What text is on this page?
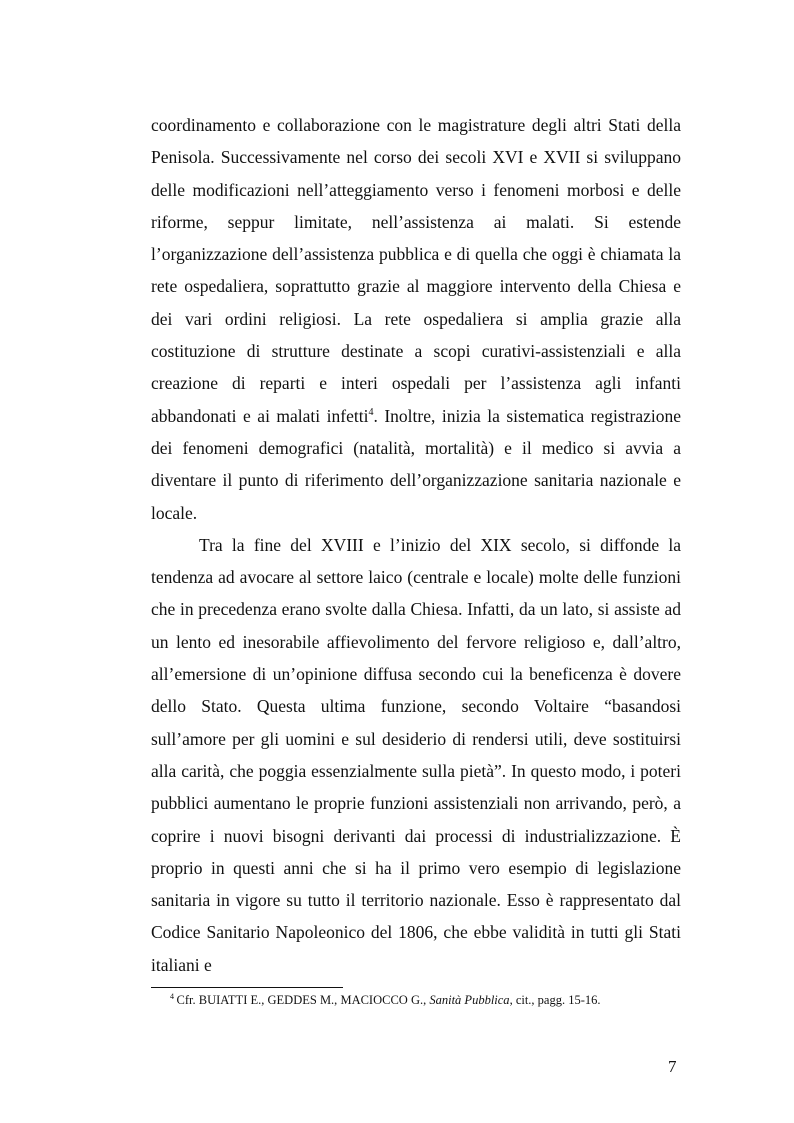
coordinamento e collaborazione con le magistrature degli altri Stati della Penisola. Successivamente nel corso dei secoli XVI e XVII si sviluppano delle modificazioni nell’atteggiamento verso i fenomeni morbosi e delle riforme, seppur limitate, nell’assistenza ai malati. Si estende l’organizzazione dell’assistenza pubblica e di quella che oggi è chiamata la rete ospedaliera, soprattutto grazie al maggiore intervento della Chiesa e dei vari ordini religiosi. La rete ospedaliera si amplia grazie alla costituzione di strutture destinate a scopi curativi-assistenziali e alla creazione di reparti e interi ospedali per l’assistenza agli infanti abbandonati e ai malati infetti$^4$. Inoltre, inizia la sistematica registrazione dei fenomeni demografici (natalità, mortalità) e il medico si avvia a diventare il punto di riferimento dell’organizzazione sanitaria nazionale e locale.

Tra la fine del XVIII e l’inizio del XIX secolo, si diffonde la tendenza ad avocare al settore laico (centrale e locale) molte delle funzioni che in precedenza erano svolte dalla Chiesa. Infatti, da un lato, si assiste ad un lento ed inesorabile affievolimento del fervore religioso e, dall’altro, all’emersione di un’opinione diffusa secondo cui la beneficenza è dovere dello Stato. Questa ultima funzione, secondo Voltaire “basandosi sull’amore per gli uomini e sul desiderio di rendersi utili, deve sostituirsi alla carità, che poggia essenzialmente sulla pietà”. In questo modo, i poteri pubblici aumentano le proprie funzioni assistenziali non arrivando, però, a coprire i nuovi bisogni derivanti dai processi di industrializzazione. È proprio in questi anni che si ha il primo vero esempio di legislazione sanitaria in vigore su tutto il territorio nazionale. Esso è rappresentato dal Codice Sanitario Napoleonico del 1806, che ebbe validità in tutti gli Stati italiani e

$^4$  Cfr. BUIATTI E., GEDDES M., MACIOCCO G., Sanità Pubblica, cit., pagg. 15-16.

7
